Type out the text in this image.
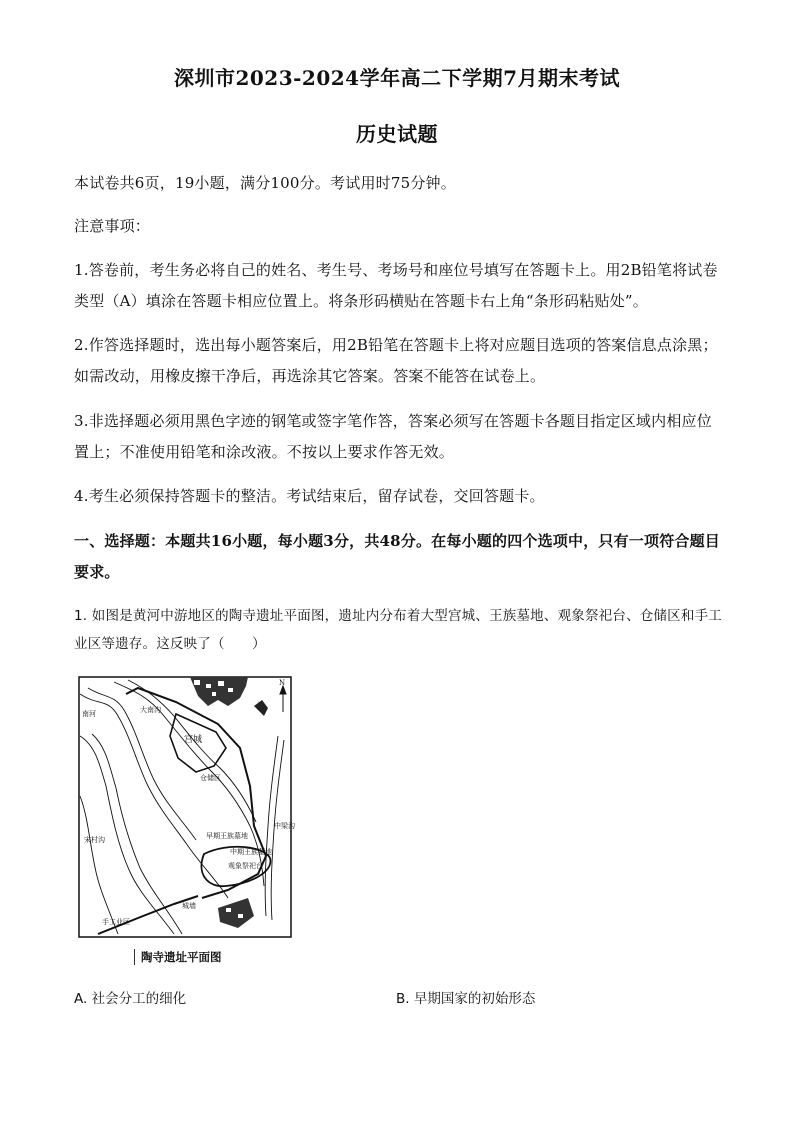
深圳市2023-2024学年高二下学期7月期末考试
历史试题
本试卷共6页，19小题，满分100分。考试用时75分钟。
注意事项：
1.答卷前，考生务必将自己的姓名、考生号、考场号和座位号填写在答题卡上。用2B铅笔将试卷类型（A）填涂在答题卡相应位置上。将条形码横贴在答题卡右上角“条形码粘贴处”。
2.作答选择题时，选出每小题答案后，用2B铅笔在答题卡上将对应题目选项的答案信息点涂黑；如需改动，用橡皮擦干净后，再选涂其它答案。答案不能答在试卷上。
3.非选择题必须用黑色字迹的钢笔或签字笔作答，答案必须写在答题卡各题目指定区域内相应位置上；不准使用铅笔和涂改液。不按以上要求作答无效。
4.考生必须保持答题卡的整洁。考试结束后，留存试卷，交回答题卡。
一、选择题：本题共16小题，每小题3分，共48分。在每小题的四个选项中，只有一项符合题目要求。
1. 如图是黄河中游地区的陶寺遗址平面图，遗址内分布着大型宫城、王族墓地、观象祭祀台、仓储区和手工业区等遗存。这反映了（　　）
N
宫城
仓储区
早期王族墓地
中期王族墓地
观象祭祀台
手工业区
南河
宋村沟
大南沟
中梁沟
城墙
陶寺遗址平面图
A. 社会分工的细化	B. 早期国家的初始形态
